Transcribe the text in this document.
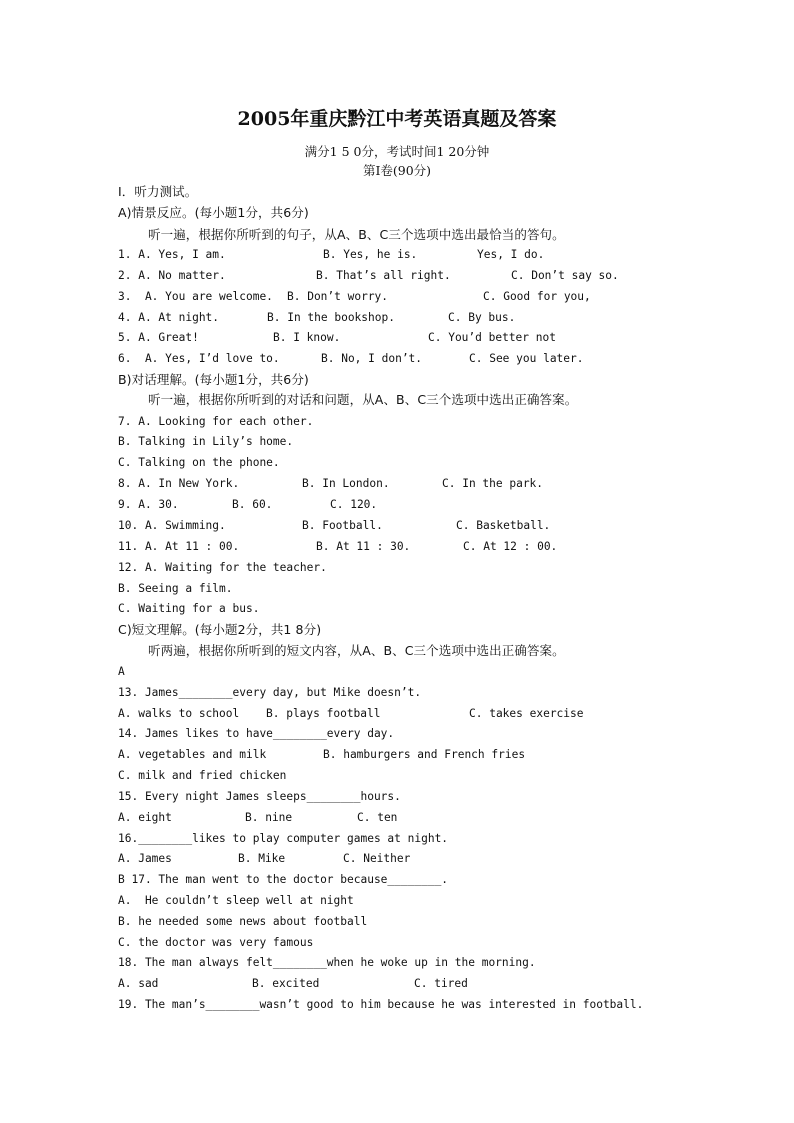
2005年重庆黔江中考英语真题及答案
满分1 5 0分，考试时间1 20分钟
第Ⅰ卷(90分)
Ⅰ．听力测试。
A)情景反应。(每小题1分，共6分)
听一遍，根据你所听到的句子，从A、B、C三个选项中选出最恰当的答句。
1. A. Yes, I am.	B. Yes, he is.	Yes, I do.
2. A. No matter.	B. That’s all right.	C. Don’t say so.
3.  A. You are welcome. B. Don’t worry.	C. Good for you,
4. A. At night.	B. In the bookshop.	C. By bus.
5. A. Great!	B. I know.	C. You’d better not
6.  A. Yes, I’d love to.	B. No, I don’t.	C. See you later.
B)对话理解。(每小题1分，共6分)
听一遍，根据你所听到的对话和问题，从A、B、C三个选项中选出正确答案。
7. A. Looking for each other.
B. Talking in Lily’s home.
C. Talking on the phone.
8. A. In New York.	B. In London.	C. In the park.
9. A. 30.	B. 60.	C. 120.
10. A. Swimming.	B. Football.	C. Basketball.
11. A. At 11 : 00.	B. At 11 : 30.	C. At 12 : 00.
12. A. Waiting for the teacher.
B. Seeing a film.
C. Waiting for a bus.
C)短文理解。(每小题2分，共1 8分)
听两遍，根据你所听到的短文内容，从A、B、C三个选项中选出正确答案。
A
13. James________every day, but Mike doesn’t.
A. walks to school B. plays football	C. takes exercise
14. James likes to have________every day.
A. vegetables and milk	B. hamburgers and French fries
C. milk and fried chicken
15. Every night James sleeps________hours.
A. eight	B. nine	C. ten
16.________likes to play computer games at night.
A. James	B. Mike	C. Neither
B 17. The man went to the doctor because________.
A.  He couldn’t sleep well at night
B. he needed some news about football
C. the doctor was very famous
18. The man always felt________when he woke up in the morning.
A. sad	B. excited	C. tired
19. The man’s________wasn’t good to him because he was interested in football.
